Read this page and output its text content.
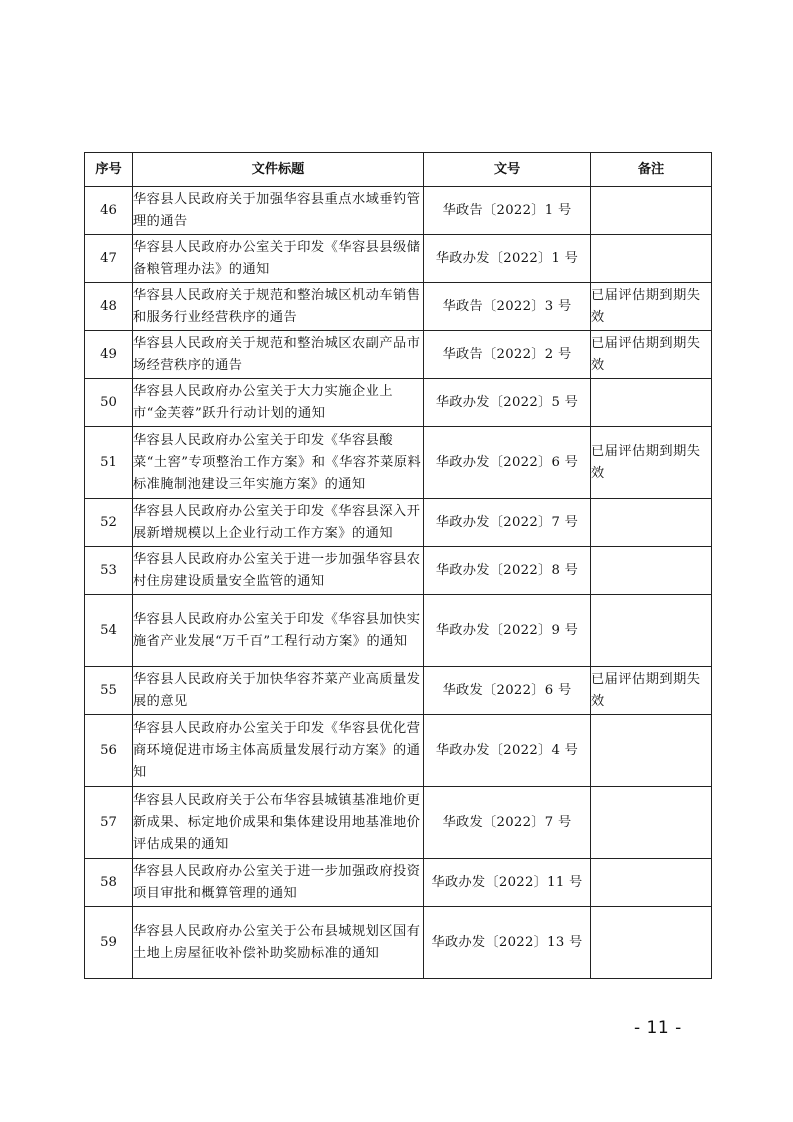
序号	文件标题	文号	备注
46	华容县人民政府关于加强华容县重点水域垂钓管理的通告	华政告〔2022〕1 号	
47	华容县人民政府办公室关于印发《华容县县级储备粮管理办法》的通知	华政办发〔2022〕1 号	
48	华容县人民政府关于规范和整治城区机动车销售和服务行业经营秩序的通告	华政告〔2022〕3 号	已届评估期到期失效
49	华容县人民政府关于规范和整治城区农副产品市场经营秩序的通告	华政告〔2022〕2 号	已届评估期到期失效
50	华容县人民政府办公室关于大力实施企业上市“金芙蓉”跃升行动计划的通知	华政办发〔2022〕5 号	
51	华容县人民政府办公室关于印发《华容县酸菜“土窖”专项整治工作方案》和《华容芥菜原料标准腌制池建设三年实施方案》的通知	华政办发〔2022〕6 号	已届评估期到期失效
52	华容县人民政府办公室关于印发《华容县深入开展新增规模以上企业行动工作方案》的通知	华政办发〔2022〕7 号	
53	华容县人民政府办公室关于进一步加强华容县农村住房建设质量安全监管的通知	华政办发〔2022〕8 号	
54	华容县人民政府办公室关于印发《华容县加快实施省产业发展“万千百”工程行动方案》的通知	华政办发〔2022〕9 号	
55	华容县人民政府关于加快华容芥菜产业高质量发展的意见	华政发〔2022〕6 号	已届评估期到期失效
56	华容县人民政府办公室关于印发《华容县优化营商环境促进市场主体高质量发展行动方案》的通知	华政办发〔2022〕4 号	
57	华容县人民政府关于公布华容县城镇基准地价更新成果、标定地价成果和集体建设用地基准地价评估成果的通知	华政发〔2022〕7 号	
58	华容县人民政府办公室关于进一步加强政府投资项目审批和概算管理的通知	华政办发〔2022〕11 号	
59	华容县人民政府办公室关于公布县城规划区国有土地上房屋征收补偿补助奖励标准的通知	华政办发〔2022〕13 号	
- 11 -
